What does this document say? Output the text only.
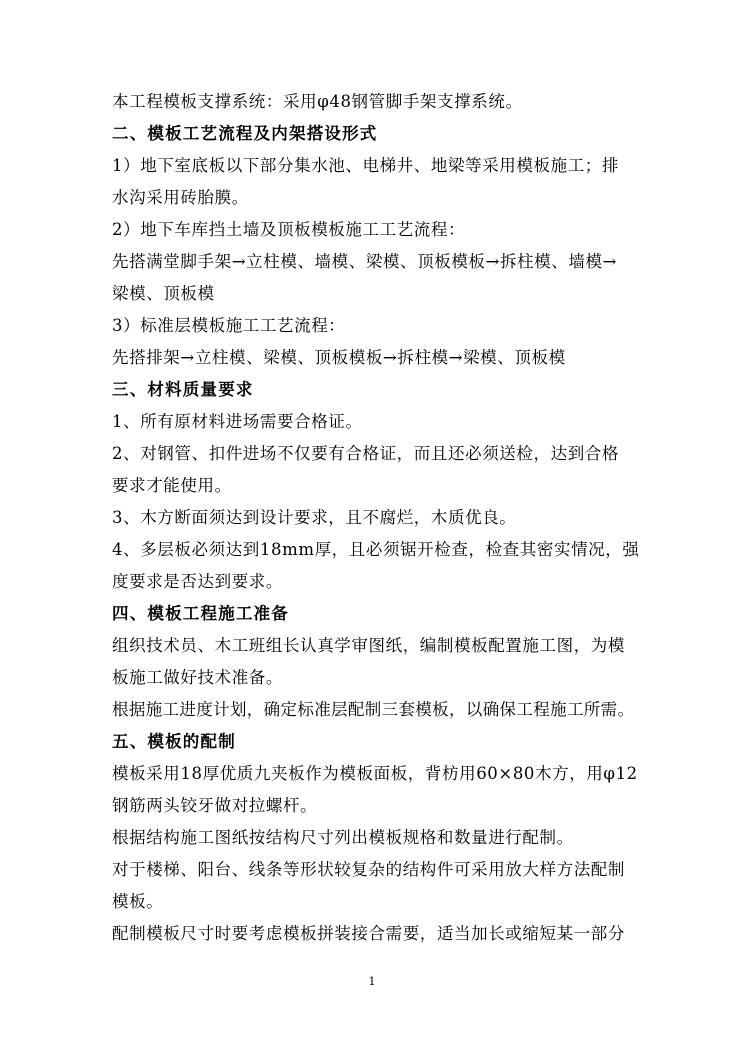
本工程模板支撑系统：采用φ48钢管脚手架支撑系统。
二、模板工艺流程及内架搭设形式
1）地下室底板以下部分集水池、电梯井、地梁等采用模板施工；排
水沟采用砖胎膜。
2）地下车库挡土墙及顶板模板施工工艺流程：
先搭满堂脚手架→立柱模、墙模、梁模、顶板模板→拆柱模、墙模→
梁模、顶板模
3）标准层模板施工工艺流程：
先搭排架→立柱模、梁模、顶板模板→拆柱模→梁模、顶板模
三、材料质量要求
1、所有原材料进场需要合格证。
2、对钢管、扣件进场不仅要有合格证，而且还必须送检，达到合格
要求才能使用。
3、木方断面须达到设计要求，且不腐烂，木质优良。
4、多层板必须达到18mm厚，且必须锯开检查，检查其密实情况，强
度要求是否达到要求。
四、模板工程施工准备
组织技术员、木工班组长认真学审图纸，编制模板配置施工图，为模
板施工做好技术准备。
根据施工进度计划，确定标准层配制三套模板，以确保工程施工所需。
五、模板的配制
模板采用18厚优质九夹板作为模板面板，背枋用60×80木方，用φ12
钢筋两头铰牙做对拉螺杆。
根据结构施工图纸按结构尺寸列出模板规格和数量进行配制。
对于楼梯、阳台、线条等形状较复杂的结构件可采用放大样方法配制
模板。
配制模板尺寸时要考虑模板拼装接合需要，适当加长或缩短某一部分
1
